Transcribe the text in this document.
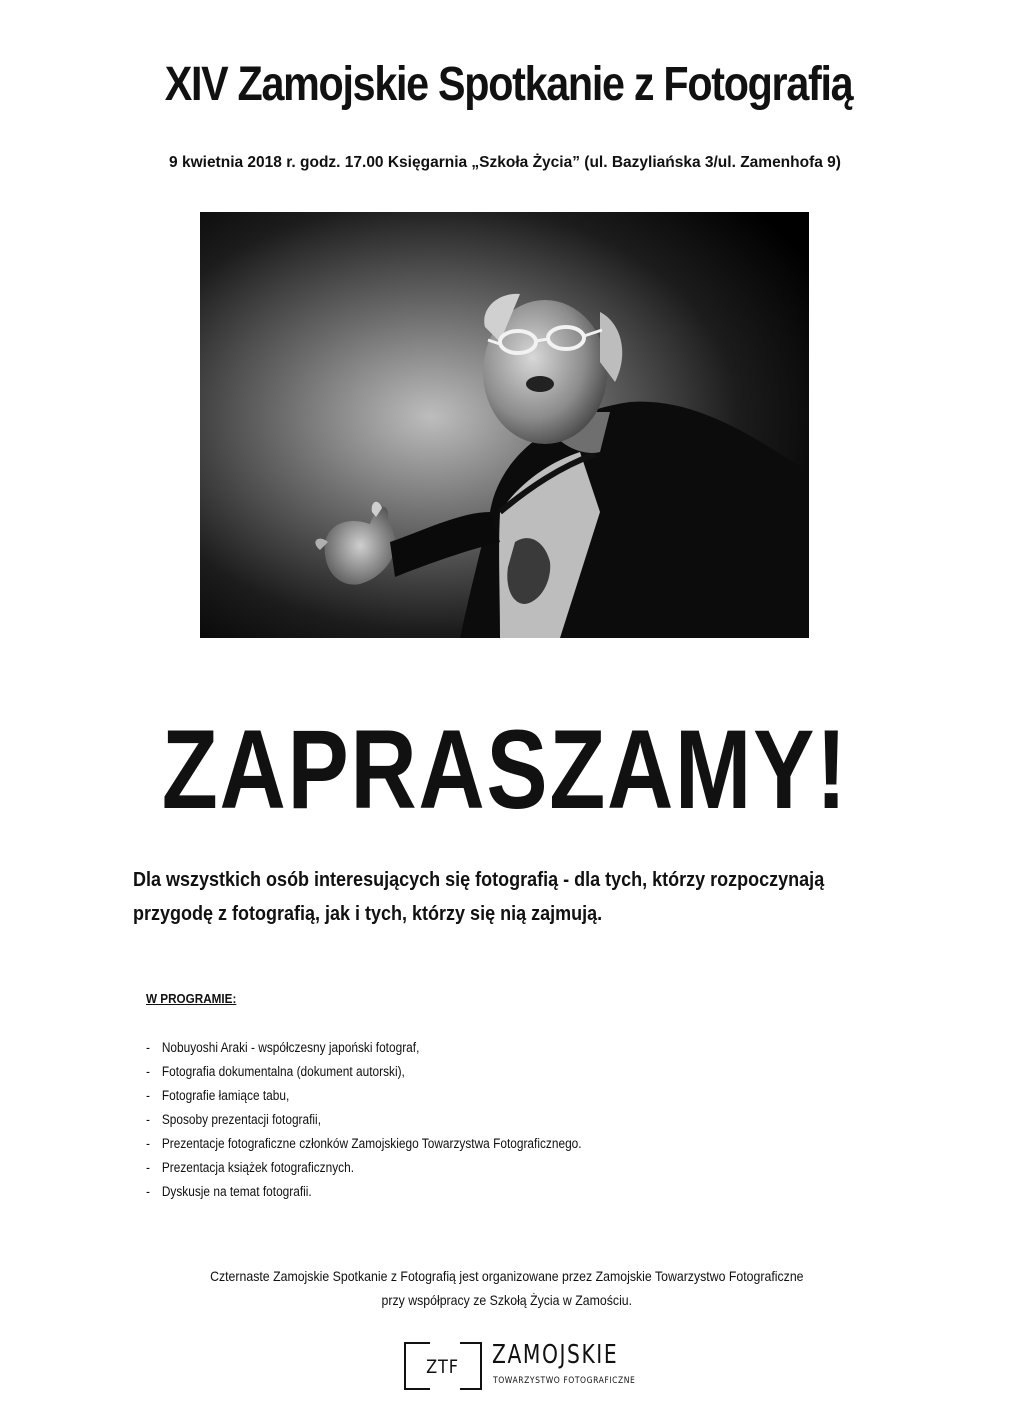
XIV Zamojskie Spotkanie z Fotografią
9 kwietnia 2018 r. godz. 17.00 Księgarnia „Szkoła Życia” (ul. Bazyliańska 3/ul. Zamenhofa 9)
ZAPRASZAMY!
Dla wszystkich osób interesujących się fotografią - dla tych, którzy rozpoczynają
przygodę z fotografią, jak i tych, którzy się nią zajmują.
W PROGRAMIE:
- Nobuyoshi Araki - współczesny japoński fotograf,
- Fotografia dokumentalna (dokument autorski),
- Fotografie łamiące tabu,
- Sposoby prezentacji fotografii,
- Prezentacje fotograficzne członków Zamojskiego Towarzystwa Fotograficznego.
- Prezentacja książek fotograficznych.
- Dyskusje na temat fotografii.
Czternaste Zamojskie Spotkanie z Fotografią jest organizowane przez Zamojskie Towarzystwo Fotograficzne
przy współpracy ze Szkołą Życia w Zamościu.
ZTF	ZAMOJSKIE
TOWARZYSTWO FOTOGRAFICZNE
